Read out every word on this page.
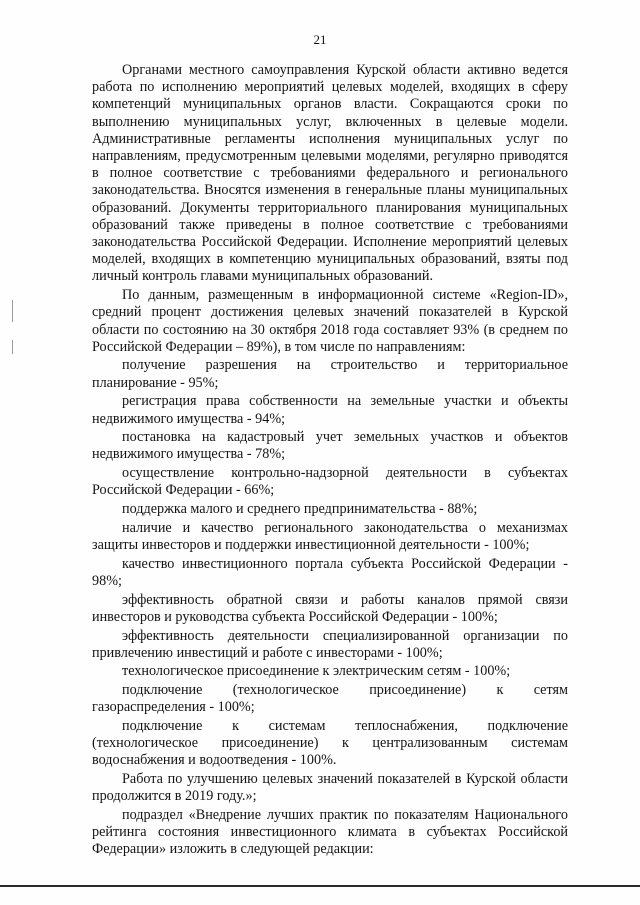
21

Органами местного самоуправления Курской области активно ведется работа по исполнению мероприятий целевых моделей, входящих в сферу компетенций муниципальных органов власти. Сокращаются сроки по выполнению муниципальных услуг, включенных в целевые модели. Административные регламенты исполнения муниципальных услуг по направлениям, предусмотренным целевыми моделями, регулярно приводятся в полное соответствие с требованиями федерального и регионального законодательства. Вносятся изменения в генеральные планы муниципальных образований. Документы территориального планирования муниципальных образований также приведены в полное соответствие с требованиями законодательства Российской Федерации. Исполнение мероприятий целевых моделей, входящих в компетенцию муниципальных образований, взяты под личный контроль главами муниципальных образований.

По данным, размещенным в информационной системе «Region-ID», средний процент достижения целевых значений показателей в Курской области по состоянию на 30 октября 2018 года составляет 93% (в среднем по Российской Федерации – 89%), в том числе по направлениям:

получение разрешения на строительство и территориальное планирование - 95%;

регистрация права собственности на земельные участки и объекты недвижимого имущества - 94%;

постановка на кадастровый учет земельных участков и объектов недвижимого имущества - 78%;

осуществление контрольно-надзорной деятельности в субъектах Российской Федерации - 66%;

поддержка малого и среднего предпринимательства - 88%;

наличие и качество регионального законодательства о механизмах защиты инвесторов и поддержки инвестиционной деятельности - 100%;

качество инвестиционного портала субъекта Российской Федерации - 98%;

эффективность обратной связи и работы каналов прямой связи инвесторов и руководства субъекта Российской Федерации - 100%;

эффективность деятельности специализированной организации по привлечению инвестиций и работе с инвесторами - 100%;

технологическое присоединение к электрическим сетям - 100%;

подключение (технологическое присоединение) к сетям газораспределения - 100%;

подключение к системам теплоснабжения, подключение (технологическое присоединение) к централизованным системам водоснабжения и водоотведения - 100%.

Работа по улучшению целевых значений показателей в Курской области продолжится в 2019 году.»;

подраздел «Внедрение лучших практик по показателям Национального рейтинга состояния инвестиционного климата в субъектах Российской Федерации» изложить в следующей редакции:
